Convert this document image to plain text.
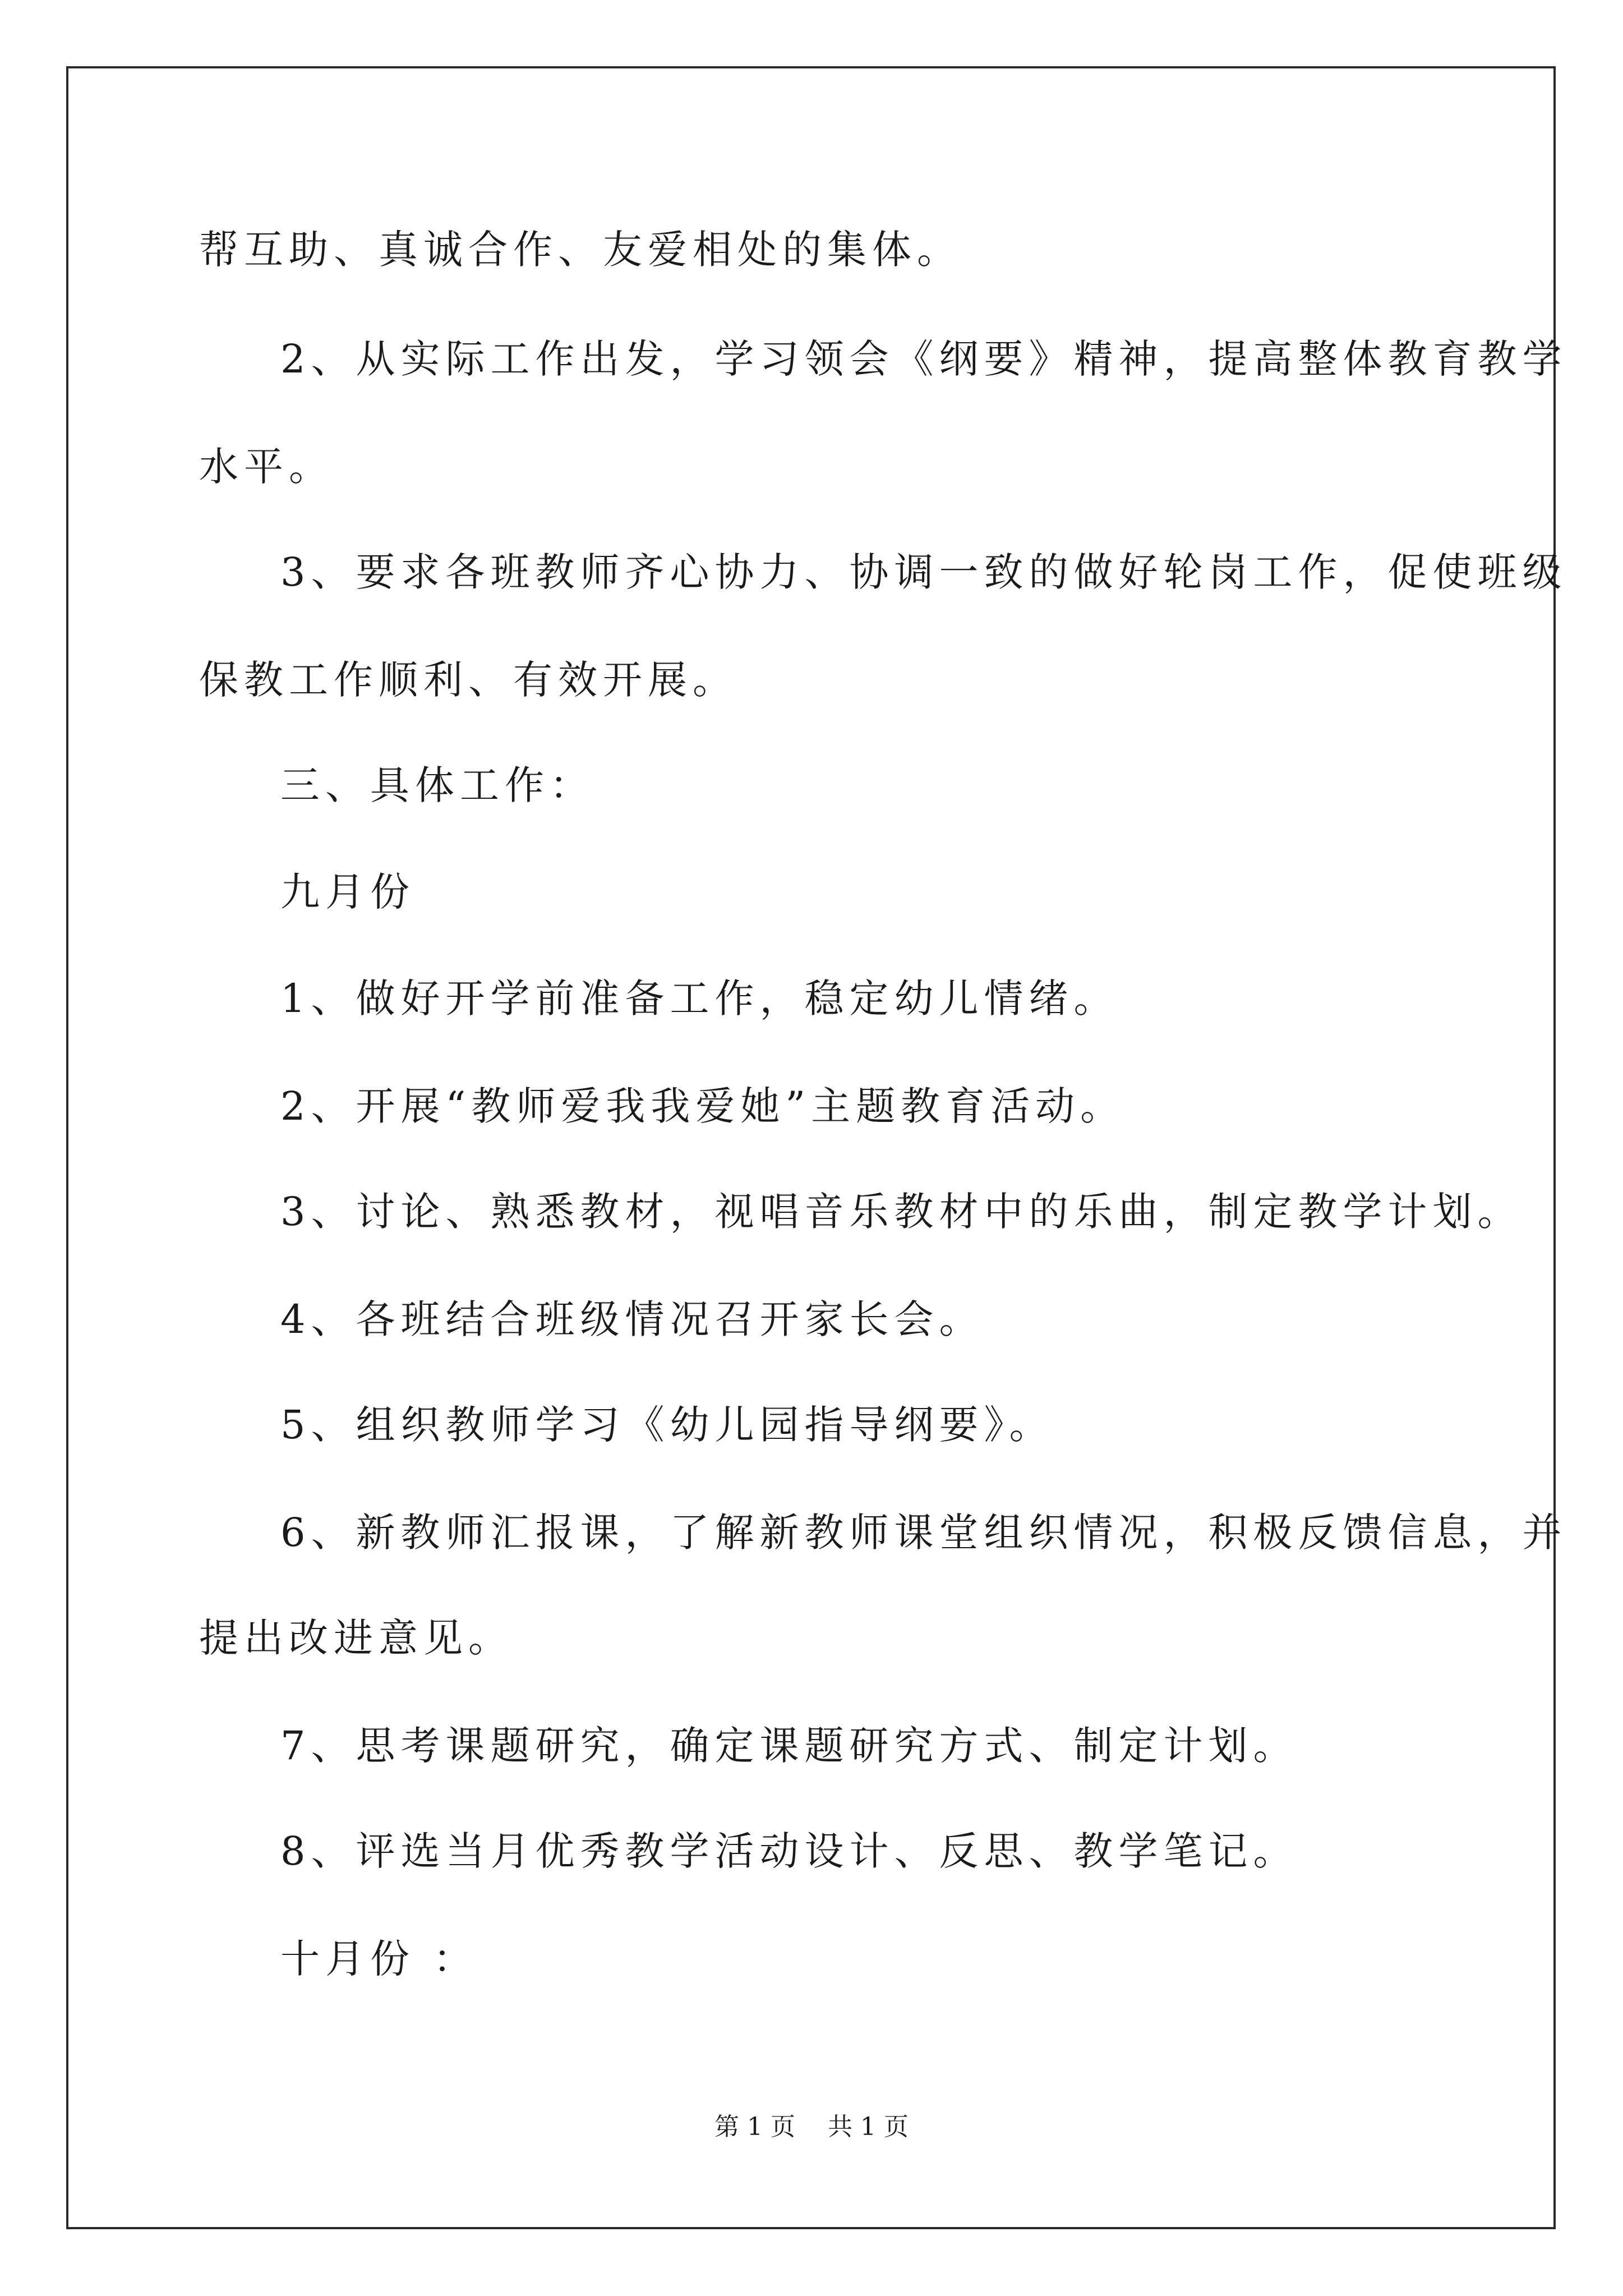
帮互助、真诚合作、友爱相处的集体。
2、从实际工作出发，学习领会《纲要》精神，提高整体教育教学
水平。
3、要求各班教师齐心协力、协调一致的做好轮岗工作，促使班级
保教工作顺利、有效开展。
三、具体工作：
九月份
1、做好开学前准备工作，稳定幼儿情绪。
2、开展“教师爱我我爱她”主题教育活动。
3、讨论、熟悉教材，视唱音乐教材中的乐曲，制定教学计划。
4、各班结合班级情况召开家长会。
5、组织教师学习《幼儿园指导纲要》。
6、新教师汇报课，了解新教师课堂组织情况，积极反馈信息，并
提出改进意见。
7、思考课题研究，确定课题研究方式、制定计划。
8、评选当月优秀教学活动设计、反思、教学笔记。
十月份 ：
第 1 页　 共 1 页
